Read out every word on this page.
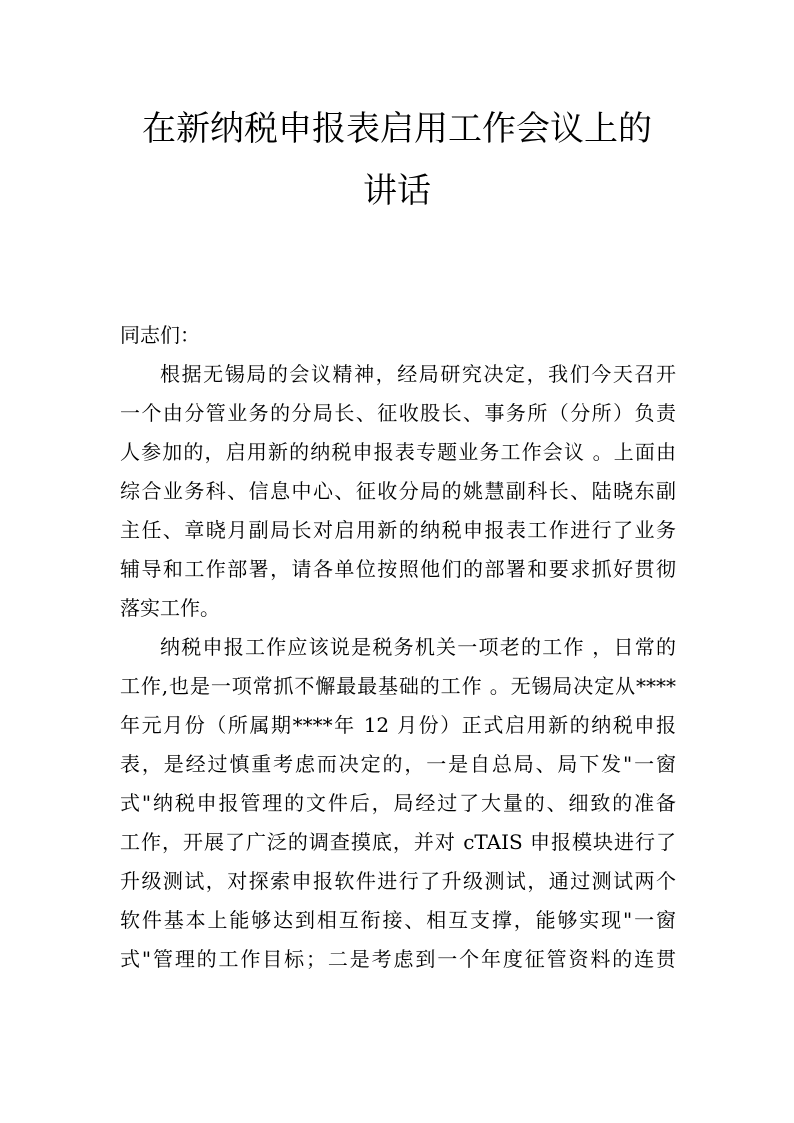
在新纳税申报表启用工作会议上的
讲话
同志们：
根据无锡局的会议精神，经局研究决定，我们今天召开
一个由分管业务的分局长、征收股长、事务所（分所）负责
人参加的，启用新的纳税申报表专题业务工作会议 。上面由
综合业务科、信息中心、征收分局的姚慧副科长、陆晓东副
主任、章晓月副局长对启用新的纳税申报表工作进行了业务
辅导和工作部署，请各单位按照他们的部署和要求抓好贯彻
落实工作。
纳税申报工作应该说是税务机关一项老的工作 ，日常的
工作,也是一项常抓不懈最最基础的工作 。无锡局决定从****
年元月份（所属期****年 12 月份）正式启用新的纳税申报
表，是经过慎重考虑而决定的，一是自总局、局下发"一窗
式"纳税申报管理的文件后，局经过了大量的、细致的准备
工作，开展了广泛的调查摸底，并对 cTAIS 申报模块进行了
升级测试，对探索申报软件进行了升级测试，通过测试两个
软件基本上能够达到相互衔接、相互支撑，能够实现"一窗
式"管理的工作目标；二是考虑到一个年度征管资料的连贯
